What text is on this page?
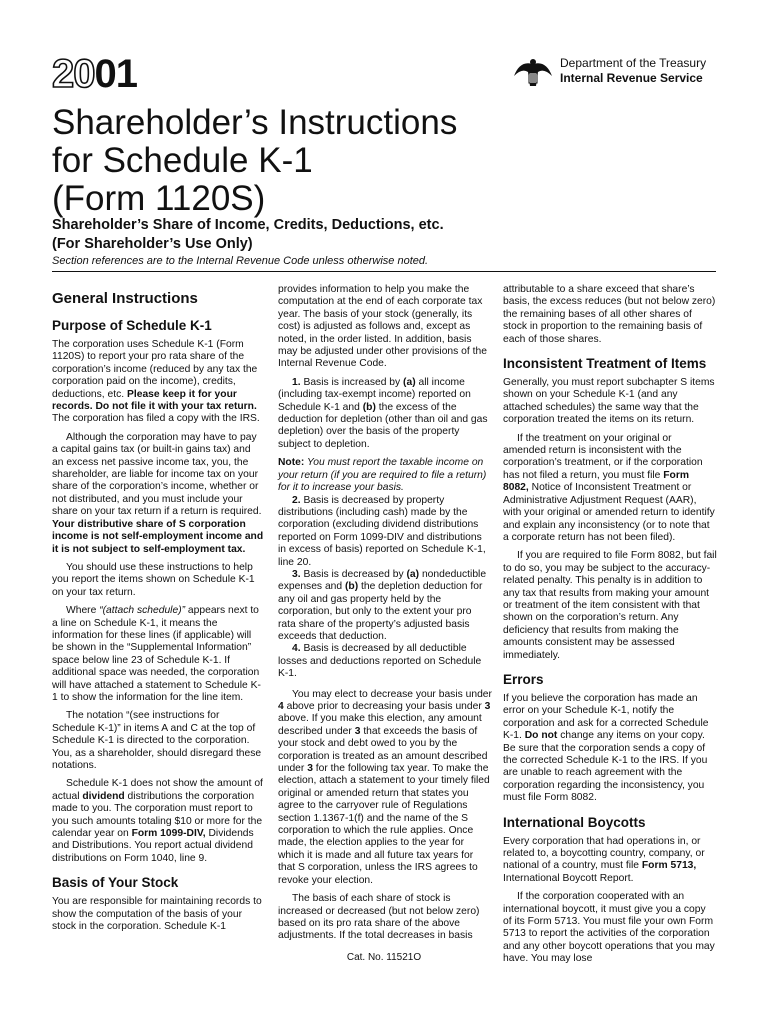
2001	Department of the Treasury
Internal Revenue Service
Shareholder’s Instructions
for Schedule K-1
(Form 1120S)
Shareholder’s Share of Income, Credits, Deductions, etc.
(For Shareholder’s Use Only)
Section references are to the Internal Revenue Code unless otherwise noted.
General Instructions
Purpose of Schedule K-1

The corporation uses Schedule K-1 (Form 1120S) to report your pro rata share of the corporation’s income (reduced by any tax the corporation paid on the income), credits, deductions, etc. Please keep it for your records. Do not file it with your tax return. The corporation has filed a copy with the IRS.

Although the corporation may have to pay a capital gains tax (or built-in gains tax) and an excess net passive income tax, you, the shareholder, are liable for income tax on your share of the corporation’s income, whether or not distributed, and you must include your share on your tax return if a return is required. Your distributive share of S corporation income is not self-employment income and it is not subject to self-employment tax.

You should use these instructions to help you report the items shown on Schedule K-1 on your tax return.

Where “(attach schedule)” appears next to a line on Schedule K-1, it means the information for these lines (if applicable) will be shown in the “Supplemental Information” space below line 23 of Schedule K-1. If additional space was needed, the corporation will have attached a statement to Schedule K-1 to show the information for the line item.

The notation “(see instructions for Schedule K-1)” in items A and C at the top of Schedule K-1 is directed to the corporation. You, as a shareholder, should disregard these notations.

Schedule K-1 does not show the amount of actual dividend distributions the corporation made to you. The corporation must report to you such amounts totaling $10 or more for the calendar year on Form 1099-DIV, Dividends and Distributions. You report actual dividend distributions on Form 1040, line 9.

Basis of Your Stock

You are responsible for maintaining records to show the computation of the basis of your stock in the corporation. Schedule K-1

provides information to help you make the computation at the end of each corporate tax year. The basis of your stock (generally, its cost) is adjusted as follows and, except as noted, in the order listed. In addition, basis may be adjusted under other provisions of the Internal Revenue Code.

1. Basis is increased by (a) all income (including tax-exempt income) reported on Schedule K-1 and (b) the excess of the deduction for depletion (other than oil and gas depletion) over the basis of the property subject to depletion.

Note: You must report the taxable income on your return (if you are required to file a return) for it to increase your basis.

2. Basis is decreased by property distributions (including cash) made by the corporation (excluding dividend distributions reported on Form 1099-DIV and distributions in excess of basis) reported on Schedule K-1, line 20.

3. Basis is decreased by (a) nondeductible expenses and (b) the depletion deduction for any oil and gas property held by the corporation, but only to the extent your pro rata share of the property’s adjusted basis exceeds that deduction.

4. Basis is decreased by all deductible losses and deductions reported on Schedule K-1.

You may elect to decrease your basis under 4 above prior to decreasing your basis under 3 above. If you make this election, any amount described under 3 that exceeds the basis of your stock and debt owed to you by the corporation is treated as an amount described under 3 for the following tax year. To make the election, attach a statement to your timely filed original or amended return that states you agree to the carryover rule of Regulations section 1.1367-1(f) and the name of the S corporation to which the rule applies. Once made, the election applies to the year for which it is made and all future tax years for that S corporation, unless the IRS agrees to revoke your election.

The basis of each share of stock is increased or decreased (but not below zero) based on its pro rata share of the above adjustments. If the total decreases in basis

attributable to a share exceed that share’s basis, the excess reduces (but not below zero) the remaining bases of all other shares of stock in proportion to the remaining basis of each of those shares.

Inconsistent Treatment of Items

Generally, you must report subchapter S items shown on your Schedule K-1 (and any attached schedules) the same way that the corporation treated the items on its return.

If the treatment on your original or amended return is inconsistent with the corporation’s treatment, or if the corporation has not filed a return, you must file Form 8082, Notice of Inconsistent Treatment or Administrative Adjustment Request (AAR), with your original or amended return to identify and explain any inconsistency (or to note that a corporate return has not been filed).

If you are required to file Form 8082, but fail to do so, you may be subject to the accuracy-related penalty. This penalty is in addition to any tax that results from making your amount or treatment of the item consistent with that shown on the corporation’s return. Any deficiency that results from making the amounts consistent may be assessed immediately.

Errors

If you believe the corporation has made an error on your Schedule K-1, notify the corporation and ask for a corrected Schedule K-1. Do not change any items on your copy. Be sure that the corporation sends a copy of the corrected Schedule K-1 to the IRS. If you are unable to reach agreement with the corporation regarding the inconsistency, you must file Form 8082.

International Boycotts

Every corporation that had operations in, or related to, a boycotting country, company, or national of a country, must file Form 5713, International Boycott Report.

If the corporation cooperated with an international boycott, it must give you a copy of its Form 5713. You must file your own Form 5713 to report the activities of the corporation and any other boycott operations that you may have. You may lose

Cat. No. 11521O
